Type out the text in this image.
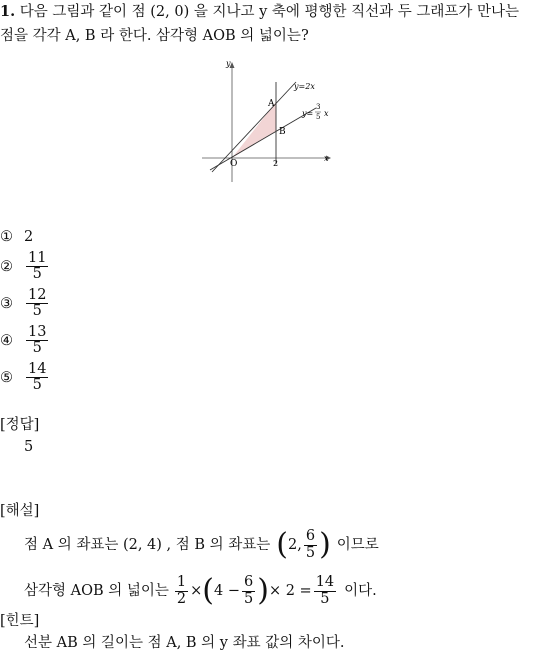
1. 다음 그림과 같이 점 (2, 0) 을 지나고 y 축에 평행한 직선과 두 그래프가 만나는 점을 각각 A, B 라 한다. 삼각형 AOB 의 넓이는?
y
x
O	2
A
B
y=2x
y=
3
5 x
① 2
② $\frac{11}{5}$
③ $\frac{12}{5}$
④ $\frac{13}{5}$
⑤ $\frac{14}{5}$
[정답]
5
[해설]
점 A 의 좌표는 (2, 4) , 점 B 의 좌표는 ( 2, $\frac{6}{5}$ ) 이므로
삼각형 AOB 의 넓이는 $\frac{1}{2}$ × ( $4 - \frac{6}{5}$ ) × $2 = \frac{14}{5}$ 이다.
[힌트]
선분 AB 의 길이는 점 A, B 의 y 좌표 값의 차이다.
